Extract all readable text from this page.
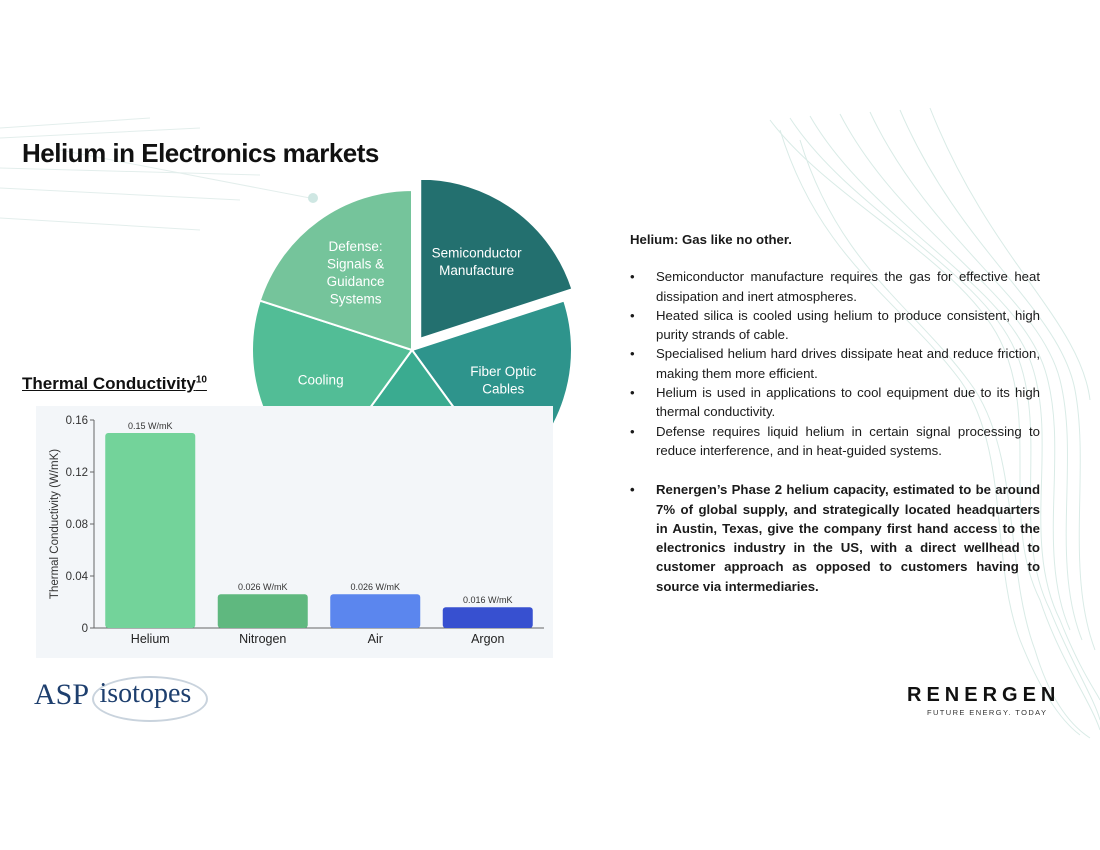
Helium in Electronics markets
Semiconductor Manufacture
Fiber Optic Cables
Cooling
Defense: Signals & Guidance Systems
Thermal Conductivity$^{10}$
0
0.04
0.08
0.12
0.16
Thermal Conductivity (W/mK)
0.15 W/mK
Helium
0.026 W/mK
Nitrogen
0.026 W/mK
Air
0.016 W/mK
Argon
Helium: Gas like no other.
• Semiconductor manufacture requires the gas for effective heat dissipation and inert atmospheres.
• Heated silica is cooled using helium to produce consistent, high purity strands of cable.
• Specialised helium hard drives dissipate heat and reduce friction, making them more efficient.
• Helium is used in applications to cool equipment due to its high thermal conductivity.
• Defense requires liquid helium in certain signal processing to reduce interference, and in heat-guided systems.
• Renergen’s Phase 2 helium capacity, estimated to be around 7% of global supply, and strategically located headquarters in Austin, Texas, give the company first hand access to the electronics industry in the US, with a direct wellhead to customer approach as opposed to customers having to source via intermediaries.
ASP isotopes	RENERGEN
FUTURE ENERGY. TODAY
